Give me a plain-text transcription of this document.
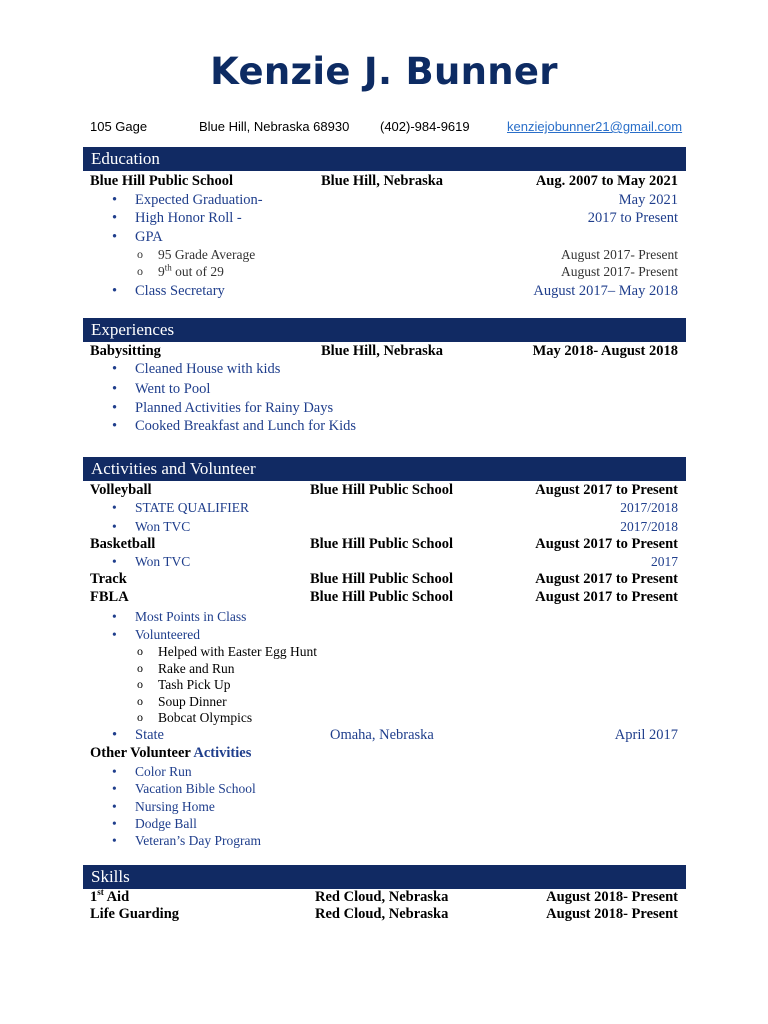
Kenzie J. Bunner
105 Gage	Blue Hill, Nebraska 68930 (402)-984-9619	kenziejobunner21@gmail.com
Education
Blue Hill Public School	Blue Hill, Nebraska	Aug. 2007 to May 2021
• Expected Graduation-	May 2021
• High Honor Roll -	2017 to Present
• GPA
o 95 Grade Average	August 2017- Present
o 9th out of 29	August 2017- Present
• Class Secretary	August 2017– May 2018
Experiences
Babysitting	Blue Hill, Nebraska	May 2018- August 2018
• Cleaned House with kids
• Went to Pool
• Planned Activities for Rainy Days
• Cooked Breakfast and Lunch for Kids
Activities and Volunteer
Volleyball	Blue Hill Public School	August 2017 to Present
• STATE QUALIFIER	2017/2018
• Won TVC	2017/2018
Basketball	Blue Hill Public School	August 2017 to Present
• Won TVC	2017
Track	Blue Hill Public School	August 2017 to Present
FBLA	Blue Hill Public School	August 2017 to Present
• Most Points in Class
• Volunteered
o Helped with Easter Egg Hunt
o Rake and Run
o Tash Pick Up
o Soup Dinner
o Bobcat Olympics
• State	Omaha, Nebraska	April 2017
Other Volunteer Activities
• Color Run
• Vacation Bible School
• Nursing Home
• Dodge Ball
• Veteran’s Day Program
Skills
1st Aid	Red Cloud, Nebraska	August 2018- Present
Life Guarding	Red Cloud, Nebraska	August 2018- Present
